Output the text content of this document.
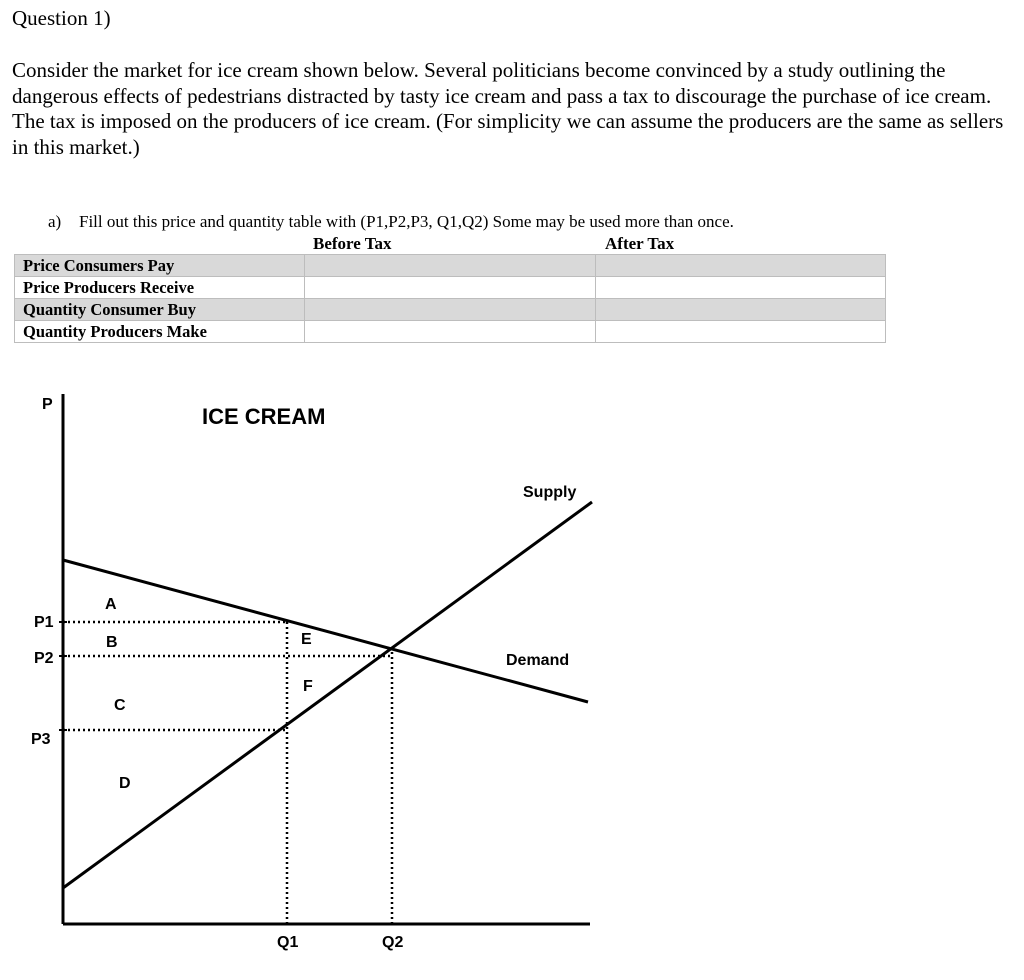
Question 1)
Consider the market for ice cream shown below. Several politicians become convinced by a study outlining the dangerous effects of pedestrians distracted by tasty ice cream and pass a tax to discourage the purchase of ice cream. The tax is imposed on the producers of ice cream. (For simplicity we can assume the producers are the same as sellers in this market.)
a) Fill out this price and quantity table with (P1,P2,P3, Q1,Q2) Some may be used more than once.
Before Tax	After Tax
Price Consumers Pay		
Price Producers Receive		
Quantity Consumer Buy		
Quantity Producers Make		
P	ICE CREAM
Supply
Demand
P1
P2
P3
Q1	Q2
A
B
C
D
E
F
